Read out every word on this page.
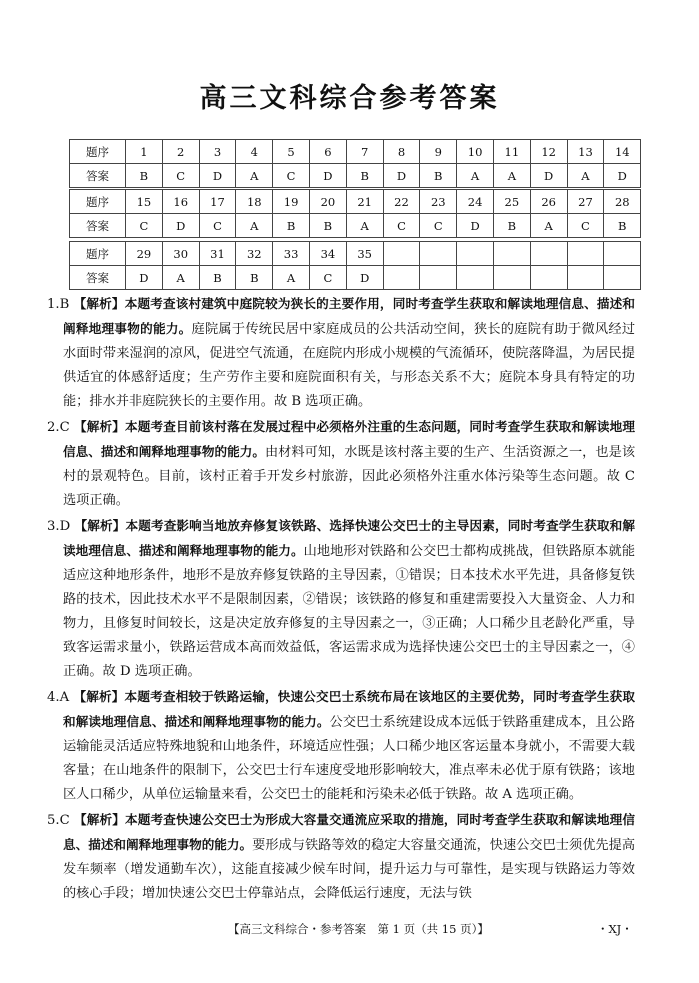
高三文科综合参考答案
题序	1	2	3	4	5	6	7	8	9	10	11	12	13	14
答案	B	C	D	A	C	D	B	D	B	A	A	D	A	D
题序	15	16	17	18	19	20	21	22	23	24	25	26	27	28
答案	C	D	C	A	B	B	A	C	C	D	B	A	C	B
题序	29	30	31	32	33	34	35							
答案	D	A	B	B	A	C	D							

1.B 【解析】本题考查该村建筑中庭院较为狭长的主要作用，同时考查学生获取和解读地理信息、描述和阐释地理事物的能力。庭院属于传统民居中家庭成员的公共活动空间，狭长的庭院有助于微风经过水面时带来湿润的凉风，促进空气流通，在庭院内形成小规模的气流循环，使院落降温，为居民提供适宜的体感舒适度；生产劳作主要和庭院面积有关，与形态关系不大；庭院本身具有特定的功能；排水并非庭院狭长的主要作用。故 B 选项正确。

2.C 【解析】本题考查目前该村落在发展过程中必须格外注重的生态问题，同时考查学生获取和解读地理信息、描述和阐释地理事物的能力。由材料可知，水既是该村落主要的生产、生活资源之一，也是该村的景观特色。目前，该村正着手开发乡村旅游，因此必须格外注重水体污染等生态问题。故 C 选项正确。

3.D 【解析】本题考查影响当地放弃修复该铁路、选择快速公交巴士的主导因素，同时考查学生获取和解读地理信息、描述和阐释地理事物的能力。山地地形对铁路和公交巴士都构成挑战，但铁路原本就能适应这种地形条件，地形不是放弃修复铁路的主导因素，①错误；日本技术水平先进，具备修复铁路的技术，因此技术水平不是限制因素，②错误；该铁路的修复和重建需要投入大量资金、人力和物力，且修复时间较长，这是决定放弃修复的主导因素之一，③正确；人口稀少且老龄化严重，导致客运需求量小，铁路运营成本高而效益低，客运需求成为选择快速公交巴士的主导因素之一，④正确。故 D 选项正确。

4.A 【解析】本题考查相较于铁路运输，快速公交巴士系统布局在该地区的主要优势，同时考查学生获取和解读地理信息、描述和阐释地理事物的能力。公交巴士系统建设成本远低于铁路重建成本，且公路运输能灵活适应特殊地貌和山地条件，环境适应性强；人口稀少地区客运量本身就小，不需要大载客量；在山地条件的限制下，公交巴士行车速度受地形影响较大，准点率未必优于原有铁路；该地区人口稀少，从单位运输量来看，公交巴士的能耗和污染未必低于铁路。故 A 选项正确。

5.C 【解析】本题考查快速公交巴士为形成大容量交通流应采取的措施，同时考查学生获取和解读地理信息、描述和阐释地理事物的能力。要形成与铁路等效的稳定大容量交通流，快速公交巴士须优先提高发车频率（增发通勤车次），这能直接减少候车时间，提升运力与可靠性，是实现与铁路运力等效的核心手段；增加快速公交巴士停靠站点，会降低运行速度，无法与铁

【高三文科综合・参考答案　第 1 页（共 15 页）】	・XJ・
